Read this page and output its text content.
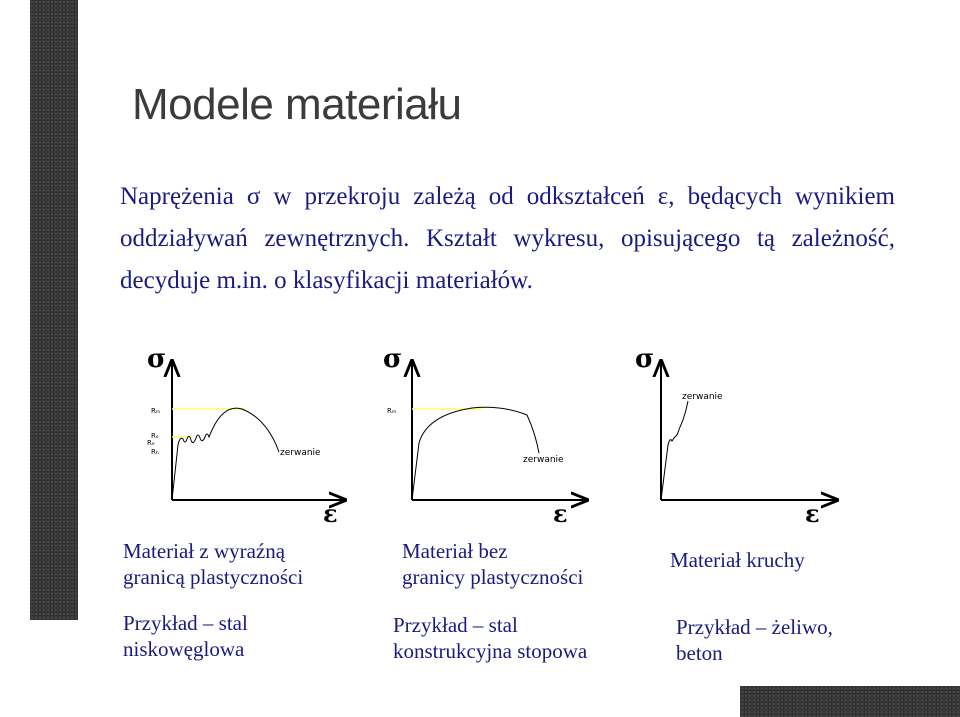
Modele materiału
Naprężenia σ w przekroju zależą od odkształceń ε, będących wynikiem oddziaływań zewnętrznych. Kształt wykresu, opisującego tą zależność, decyduje m.in. o klasyfikacji materiałów.
σ
Rₘ
Rₑ
Rₑ
Rₕ	zerwanie
ε
σ
Rₘ
zerwanie
ε
σ
zerwanie
ε
Materiał z wyraźną
granicą plastyczności
Przykład – stal
niskowęglowa
Materiał bez
granicy plastyczności
Przykład – stal
konstrukcyjna stopowa
Materiał kruchy
Przykład – żeliwo,
beton
